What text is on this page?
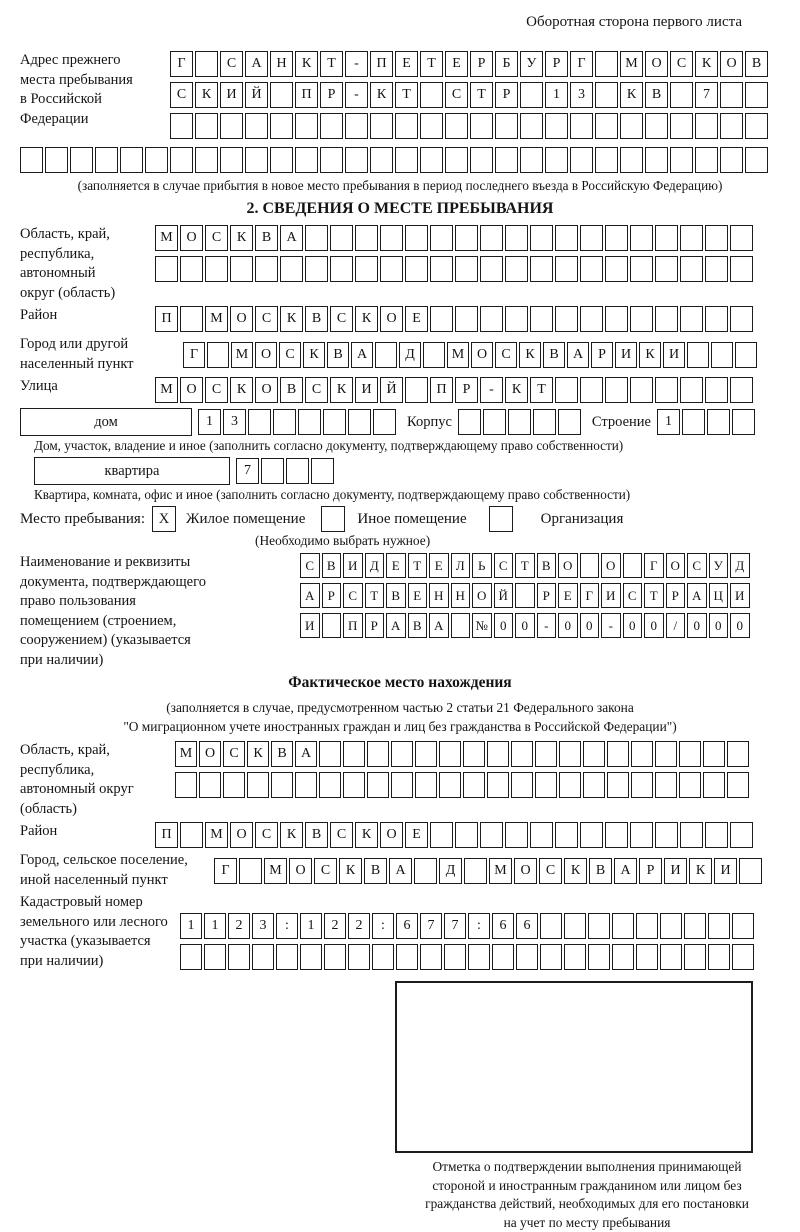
Оборотная сторона первого листа
Адрес прежнего
места пребывания
в Российской
Федерации
Г
	С	А	Н	К	Т	-	П	Е	Т	Е	Р	Б	У	Р	Г
	М О	С	К	О	В
С	К	И	Й
	П	Р	-	К	Т
	С	Т	Р
	1	3
	К	В
	7

(заполняется в случае прибытия в новое место пребывания в период последнего въезда в Российскую Федерацию)
2. СВЕДЕНИЯ О МЕСТЕ ПРЕБЫВАНИЯ
Область, край,
республика,
автономный
округ (область)
М О	С	К	В	А

Район	П
	М О	С	К	В	С	К	О	Е

Город или другой
населенный пункт
Г
	М О	С	К	В	А
	Д
	М О	С	К	В	А	Р	И	К	И

Улица	М О	С	К	О	В	С	К	И	Й
	П	Р	-	К	Т

дом	1	3

	Корпус

	Строение	1

Дом, участок, владение и иное (заполнить согласно документу, подтверждающему право собственности)
квартира	7

Квартира, комната, офис и иное (заполнить согласно документу, подтверждающему право собственности)
Место пребывания: X	Жилое помещение	Иное помещение	Организация
(Необходимо выбрать нужное)
Наименование и реквизиты
документа, подтверждающего
право пользования
помещением (строением,
сооружением) (указывается
при наличии)
С В И Д	Е	Т	Е	Л	Ь	С	Т	В О
	О
	Г	О С У Д
А	Р	С	Т	В	Е Н Н О Й
	Р	Е	Г	И С	Т	Р	А Ц И
И
	П	Р	А В А
	№ 0	0	-	0	0	-	0	0	/	0	0	0
Фактическое место нахождения
(заполняется в случае, предусмотренном частью 2 статьи 21 Федерального закона
"О миграционном учете иностранных граждан и лиц без гражданства в Российской Федерации")
Область, край,
республика,
автономный округ
(область)
М О	С	К	В	А

Район	П
	М О	С	К	В	С	К	О	Е

Город, сельское поселение,
иной населенный пункт
Г
	М О	С	К	В	А
	Д
	М О	С	К	В	А	Р	И	К	И

Кадастровый номер
земельного или лесного
участка (указывается
при наличии)
1	1	2	3	:	1	2	2	:	6	7	7	:	6	6

Отметка о подтверждении выполнения принимающей
стороной и иностранным гражданином или лицом без
гражданства действий, необходимых для его постановки
на учет по месту пребывания
